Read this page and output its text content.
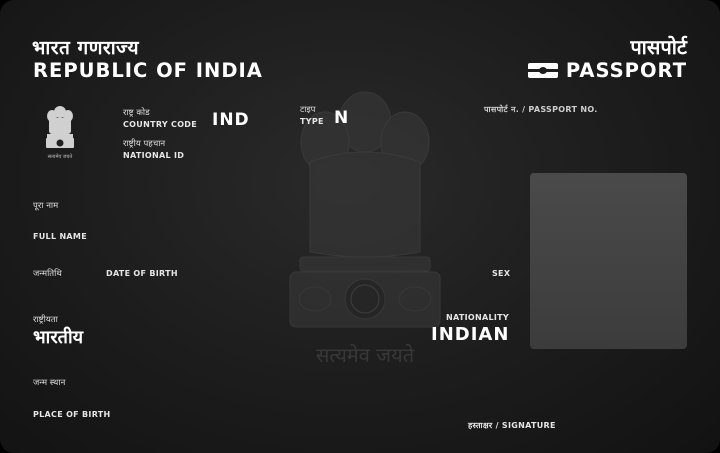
भारत गणराज्य
REPUBLIC OF INDIA
पासपोर्ट
PASSPORT
सत्यमेव जयते
सत्यमेव जयते
राष्ट्र कोड
COUNTRY CODE IND
राष्ट्रीय पहचान
NATIONAL ID
टाइप
TYPE N	पासपोर्ट न. / PASSPORT NO.
पूरा नाम
FULL NAME
जन्मतिथि	DATE OF BIRTH	SEX
राष्ट्रीयता
भारतीय
NATIONALITY
INDIAN
जन्म स्थान
PLACE OF BIRTH
हस्ताक्षर / SIGNATURE
